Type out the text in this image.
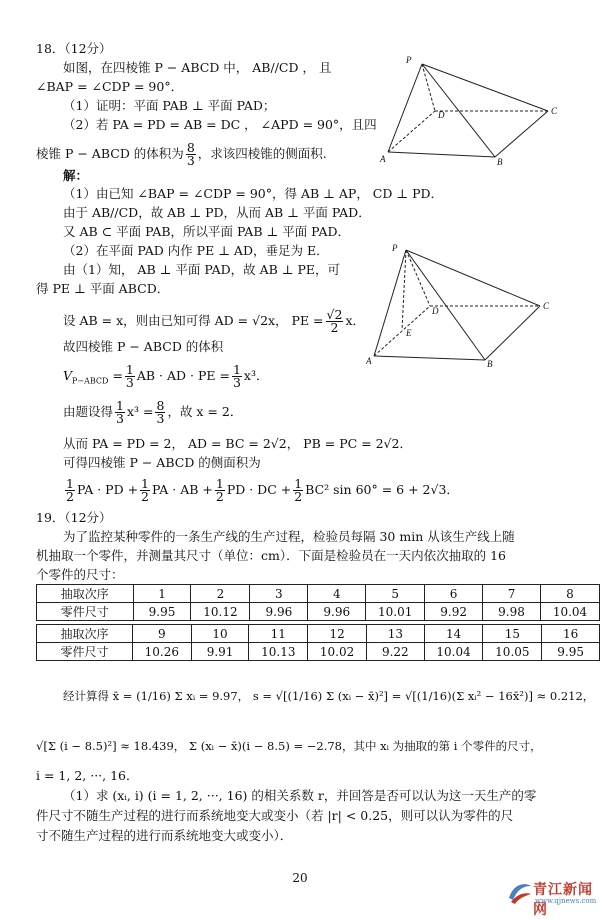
18．（12分）
如图，在四棱锥 P − ABCD 中， AB//CD ， 且
∠BAP = ∠CDP = 90°．
（1）证明：平面 PAB ⊥ 平面 PAD；
（2）若 PA = PD = AB = DC ， ∠APD = 90°，且四
棱锥 P − ABCD 的体积为 $\frac{8}{3}$ ，求该四棱锥的侧面积.
P
A	B
C
D
解：
（1）由已知 ∠BAP = ∠CDP = 90°，得 AB ⊥ AP， CD ⊥ PD．
由于 AB//CD，故 AB ⊥ PD，从而 AB ⊥ 平面 PAD．
又 AB ⊂ 平面 PAB，所以平面 PAB ⊥ 平面 PAD．
（2）在平面 PAD 内作 PE ⊥ AD，垂足为 E．
由（1）知， AB ⊥ 平面 PAD，故 AB ⊥ PE，可
得 PE ⊥ 平面 ABCD．
设 AB = x，则由已知可得 AD = √2x， PE = $\frac{√2}{2}$ x．
故四棱锥 P − ABCD 的体积
$V_{P-ABCD} = \frac{1}{3}$ AB · AD · PE = $\frac{1}{3} x^3$．
由题设得 $\frac{1}{3} x^3 = \frac{8}{3}$ ，故 x = 2．
从而 PA = PD = 2， AD = BC = 2√2， PB = PC = 2√2．
可得四棱锥 P − ABCD 的侧面积为
$\frac{1}{2}$ PA · PD + $\frac{1}{2}$ PA · AB + $\frac{1}{2}$ PD · DC + $\frac{1}{2} BC^2$ sin 60° = 6 + 2√3．
P
A	B
C
D
E
19．（12分）
为了监控某种零件的一条生产线的生产过程，检验员每隔 30 min 从该生产线上随
机抽取一个零件，并测量其尺寸（单位：cm）．下面是检验员在一天内依次抽取的 16
个零件的尺寸：
抽取次序	1	2	3	4	5	6	7	8
零件尺寸	9.95	10.12	9.96	9.96	10.01	9.92	9.98	10.04
抽取次序	9	10	11	12	13	14	15	16
零件尺寸	10.26	9.91	10.13	10.02	9.22	10.04	10.05	9.95
经计算得 x̄ = (1/16) Σ xᵢ = 9.97， s = √[(1/16) Σ (xᵢ − x̄)²] = √[(1/16)(Σ xᵢ² − 16x̄²)] ≈ 0.212，
√[Σ (i − 8.5)²] ≈ 18.439， Σ (xᵢ − x̄)(i − 8.5) = −2.78，其中 xᵢ 为抽取的第 i 个零件的尺寸，
i = 1, 2, ···, 16．
（1）求 (xᵢ, i) (i = 1, 2, ···, 16) 的相关系数 r，并回答是否可以认为这一天生产的零
件尺寸不随生产过程的进行而系统地变大或变小（若 |r| < 0.25，则可以认为零件的尺
寸不随生产过程的进行而系统地变大或变小）．
20
青江新闻网
www.qjnews.com
